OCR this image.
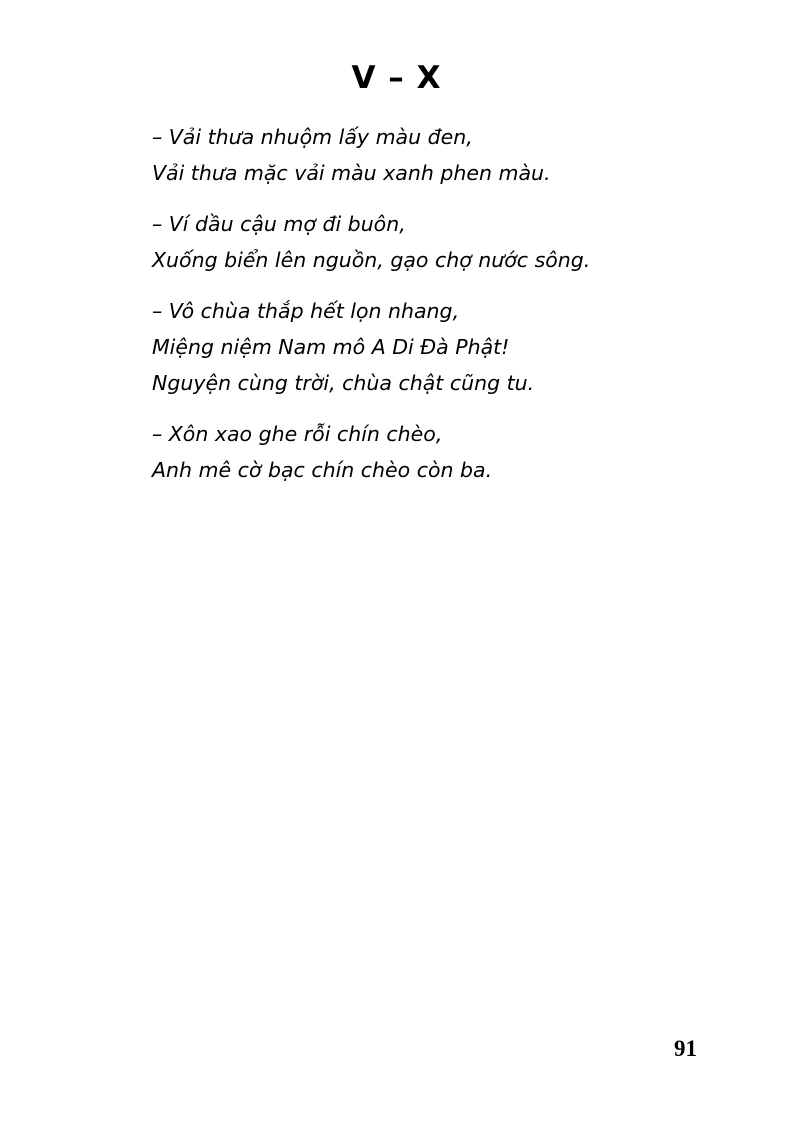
V – X
– Vải thưa nhuộm lấy màu đen,
Vải thưa mặc vải màu xanh phen màu.
– Ví dầu cậu mợ đi buôn,
Xuống biển lên nguồn, gạo chợ nước sông.
– Vô chùa thắp hết lọn nhang,
Miệng niệm Nam mô A Di Đà Phật!
Nguyện cùng trời, chùa chật cũng tu.
– Xôn xao ghe rỗi chín chèo,
Anh mê cờ bạc chín chèo còn ba.
91
